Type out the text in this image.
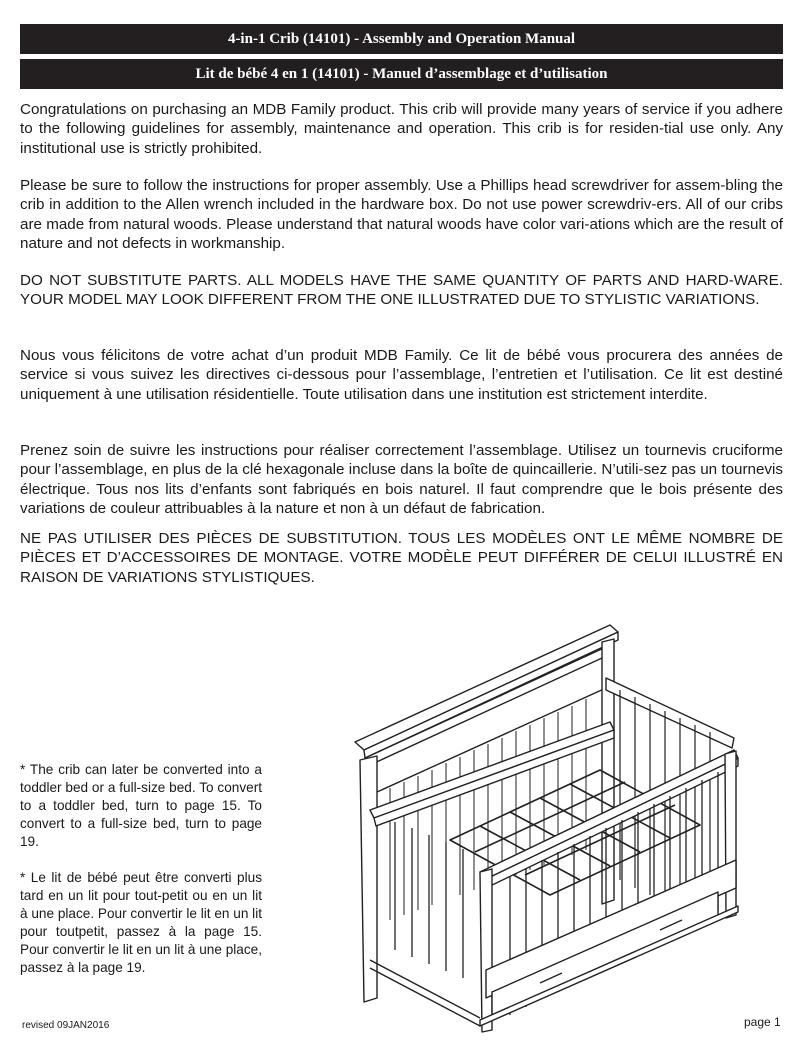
4-in-1 Crib (14101) - Assembly and Operation Manual
Lit de bébé 4 en 1 (14101) - Manuel d’assemblage et d’utilisation

Congratulations on purchasing an MDB Family product. This crib will provide many years of service if you adhere to the following guidelines for assembly, maintenance and operation. This crib is for residen-tial use only. Any institutional use is strictly prohibited.

Please be sure to follow the instructions for proper assembly. Use a Phillips head screwdriver for assem-bling the crib in addition to the Allen wrench included in the hardware box. Do not use power screwdriv-ers. All of our cribs are made from natural woods. Please understand that natural woods have color vari-ations which are the result of nature and not defects in workmanship.

DO NOT SUBSTITUTE PARTS. ALL MODELS HAVE THE SAME QUANTITY OF PARTS AND HARD-WARE. YOUR MODEL MAY LOOK DIFFERENT FROM THE ONE ILLUSTRATED DUE TO STYLISTIC VARIATIONS.

Nous vous félicitons de votre achat d’un produit MDB Family. Ce lit de bébé vous procurera des années de service si vous suivez les directives ci-dessous pour l’assemblage, l’entretien et l’utilisation. Ce lit est destiné uniquement à une utilisation résidentielle. Toute utilisation dans une institution est strictement interdite.

Prenez soin de suivre les instructions pour réaliser correctement l’assemblage. Utilisez un tournevis cruciforme pour l’assemblage, en plus de la clé hexagonale incluse dans la boîte de quincaillerie. N’utili-sez pas un tournevis électrique. Tous nos lits d’enfants sont fabriqués en bois naturel. Il faut comprendre que le bois présente des variations de couleur attribuables à la nature et non à un défaut de fabrication.

NE PAS UTILISER DES PIÈCES DE SUBSTITUTION. TOUS LES MODÈLES ONT LE MÊME NOMBRE DE PIÈCES ET D’ACCESSOIRES DE MONTAGE. VOTRE MODÈLE PEUT DIFFÉRER DE CELUI ILLUSTRÉ EN RAISON DE VARIATIONS STYLISTIQUES.

* The crib can later be converted into a toddler bed or a full-size bed. To convert to a toddler bed, turn to page 15. To convert to a full-size bed, turn to page 19.

* Le lit de bébé peut être converti plus tard en un lit pour tout-petit ou en un lit à une place. Pour convertir le lit en un lit pour toutpetit, passez à la page 15. Pour convertir le lit en un lit à une place, passez à la page 19.

revised 09JAN2016	page 1
